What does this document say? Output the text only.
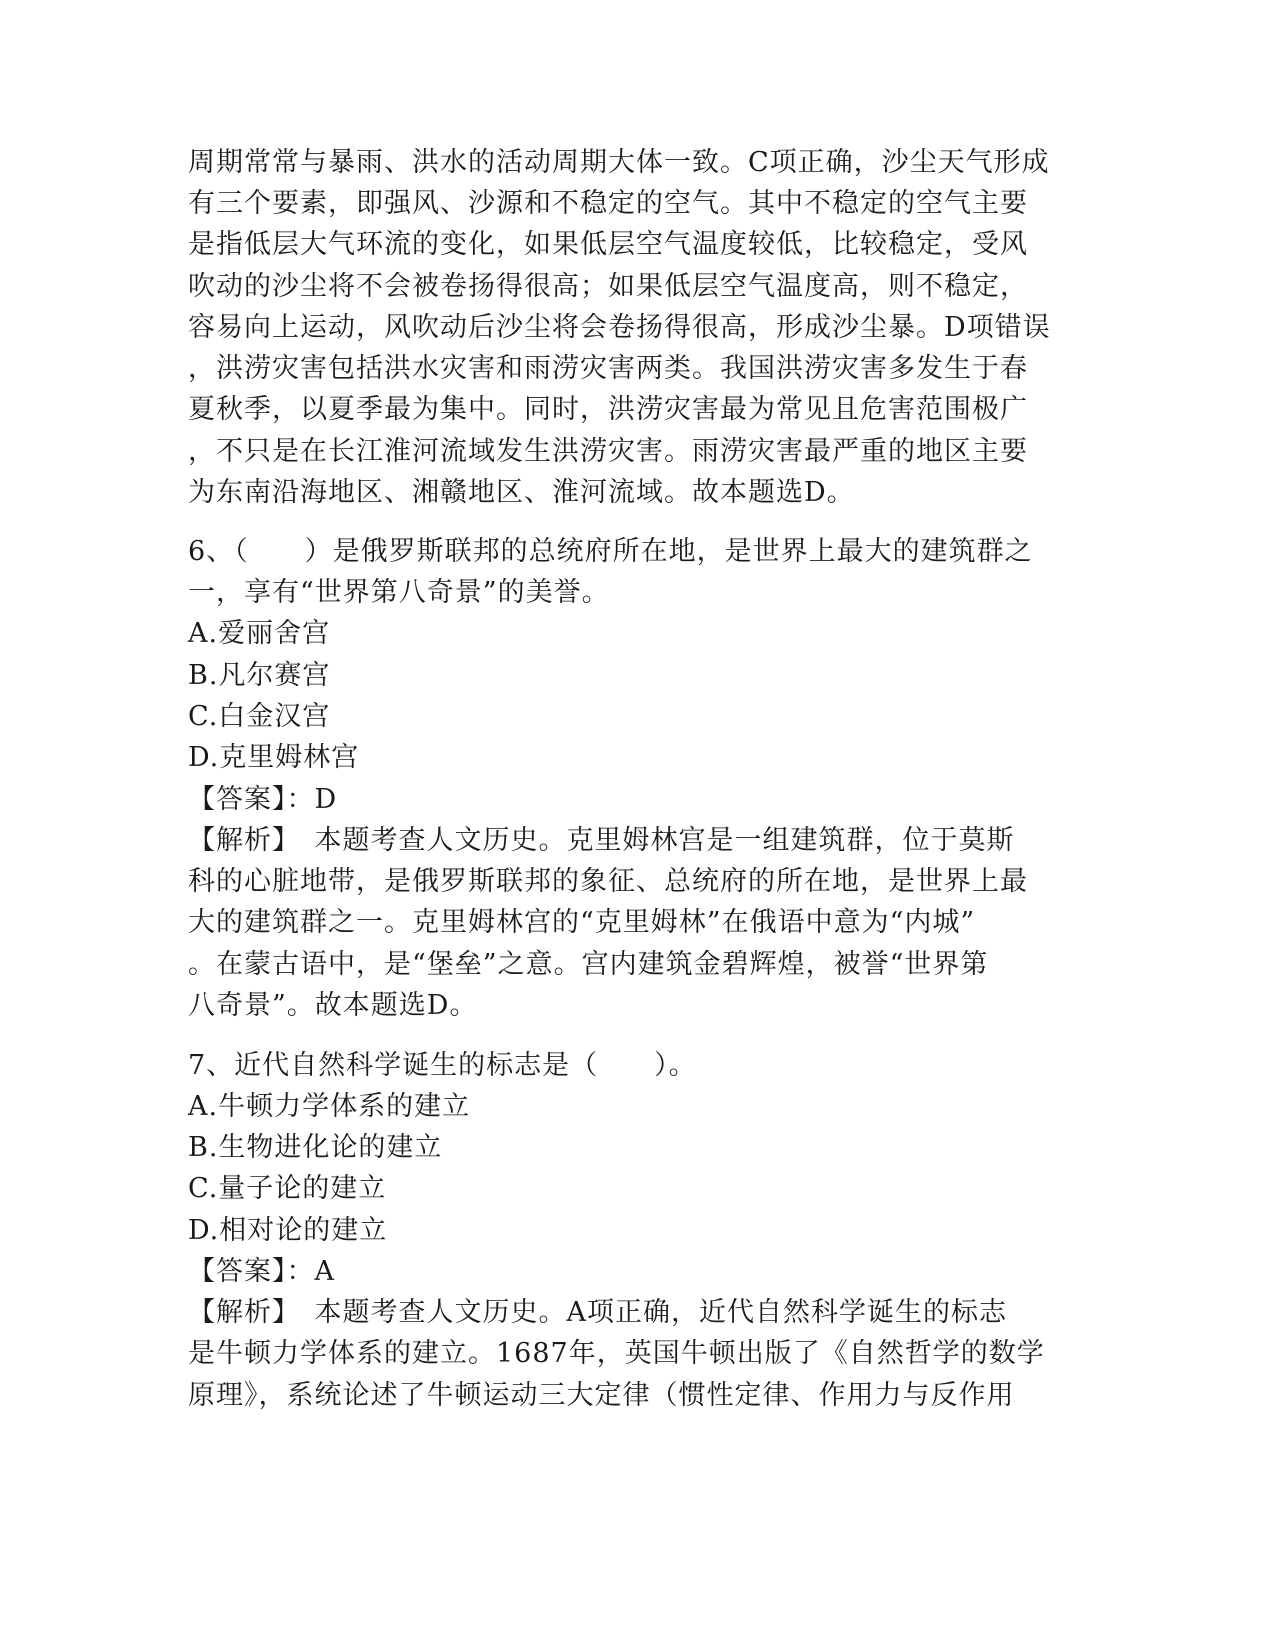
周期常常与暴雨、洪水的活动周期大体一致。C项正确，沙尘天气形成
有三个要素，即强风、沙源和不稳定的空气。其中不稳定的空气主要
是指低层大气环流的变化，如果低层空气温度较低，比较稳定，受风
吹动的沙尘将不会被卷扬得很高；如果低层空气温度高，则不稳定，
容易向上运动，风吹动后沙尘将会卷扬得很高，形成沙尘暴。D项错误
，洪涝灾害包括洪水灾害和雨涝灾害两类。我国洪涝灾害多发生于春
夏秋季，以夏季最为集中。同时，洪涝灾害最为常见且危害范围极广
，不只是在长江淮河流域发生洪涝灾害。雨涝灾害最严重的地区主要
为东南沿海地区、湘赣地区、淮河流域。故本题选D。
6、（　　）是俄罗斯联邦的总统府所在地，是世界上最大的建筑群之
一，享有“世界第八奇景”的美誉。
A.爱丽舍宫
B.凡尔赛宫
C.白金汉宫
D.克里姆林宫
【答案】：D
【解析】　本题考查人文历史。克里姆林宫是一组建筑群，位于莫斯
科的心脏地带，是俄罗斯联邦的象征、总统府的所在地，是世界上最
大的建筑群之一。克里姆林宫的“克里姆林”在俄语中意为“内城”
。在蒙古语中，是“堡垒”之意。宫内建筑金碧辉煌，被誉“世界第
八奇景”。故本题选D。
7、近代自然科学诞生的标志是（　　）。
A.牛顿力学体系的建立
B.生物进化论的建立
C.量子论的建立
D.相对论的建立
【答案】：A
【解析】　本题考查人文历史。A项正确，近代自然科学诞生的标志
是牛顿力学体系的建立。1687年，英国牛顿出版了《自然哲学的数学
原理》，系统论述了牛顿运动三大定律（惯性定律、作用力与反作用
